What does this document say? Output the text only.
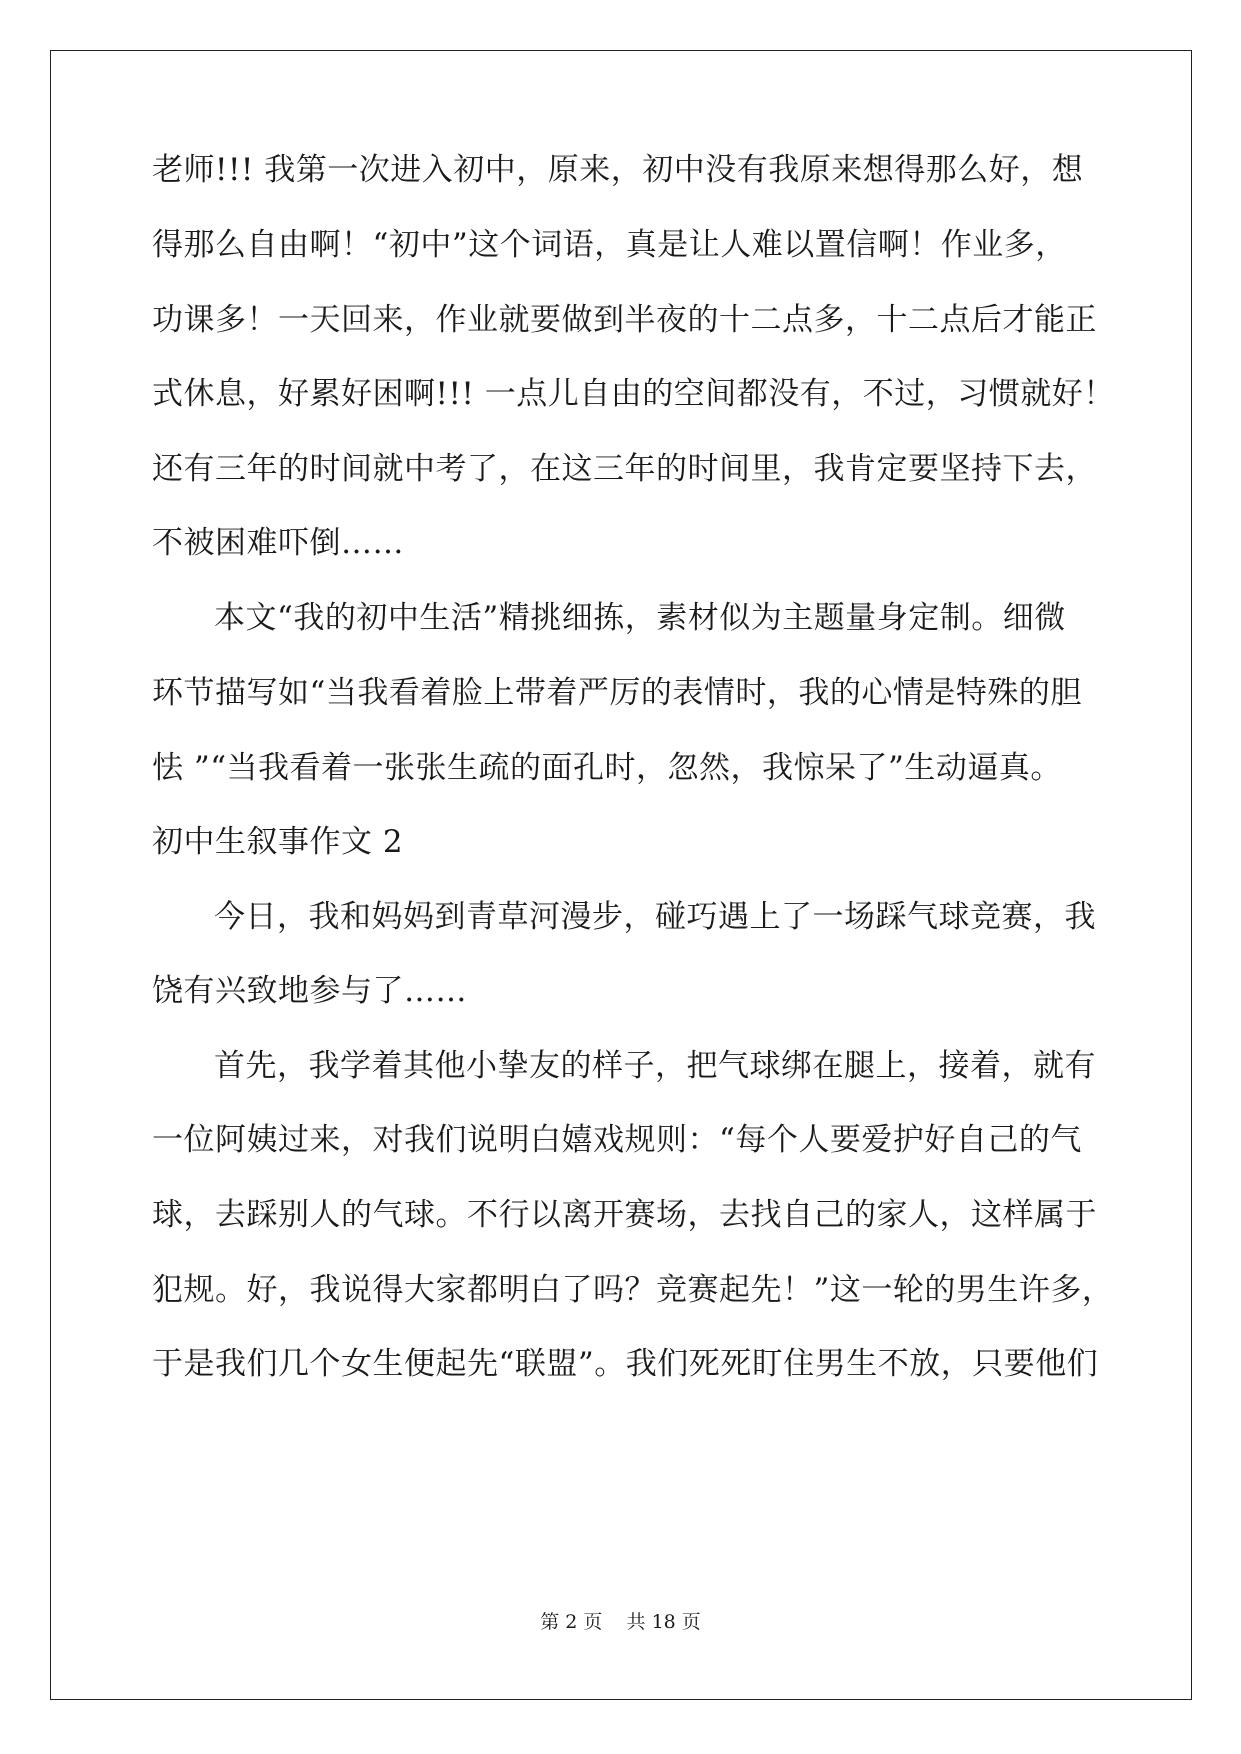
老师!!! 我第一次进入初中，原来，初中没有我原来想得那么好，想

得那么自由啊！“初中”这个词语，真是让人难以置信啊！作业多，

功课多！一天回来，作业就要做到半夜的十二点多，十二点后才能正

式休息，好累好困啊!!! 一点儿自由的空间都没有，不过，习惯就好！

还有三年的时间就中考了，在这三年的时间里，我肯定要坚持下去，

不被困难吓倒……

本文“我的初中生活”精挑细拣，素材似为主题量身定制。细微

环节描写如“当我看着脸上带着严厉的表情时，我的心情是特殊的胆

怯 ”“当我看着一张张生疏的面孔时，忽然，我惊呆了”生动逼真。

初中生叙事作文 2

今日，我和妈妈到青草河漫步，碰巧遇上了一场踩气球竞赛，我

饶有兴致地参与了……

首先，我学着其他小挚友的样子，把气球绑在腿上，接着，就有

一位阿姨过来，对我们说明白嬉戏规则：“每个人要爱护好自己的气

球，去踩别人的气球。不行以离开赛场，去找自己的家人，这样属于

犯规。好，我说得大家都明白了吗？竞赛起先！”这一轮的男生许多，

于是我们几个女生便起先“联盟”。我们死死盯住男生不放，只要他们

第 2 页    共 18 页
